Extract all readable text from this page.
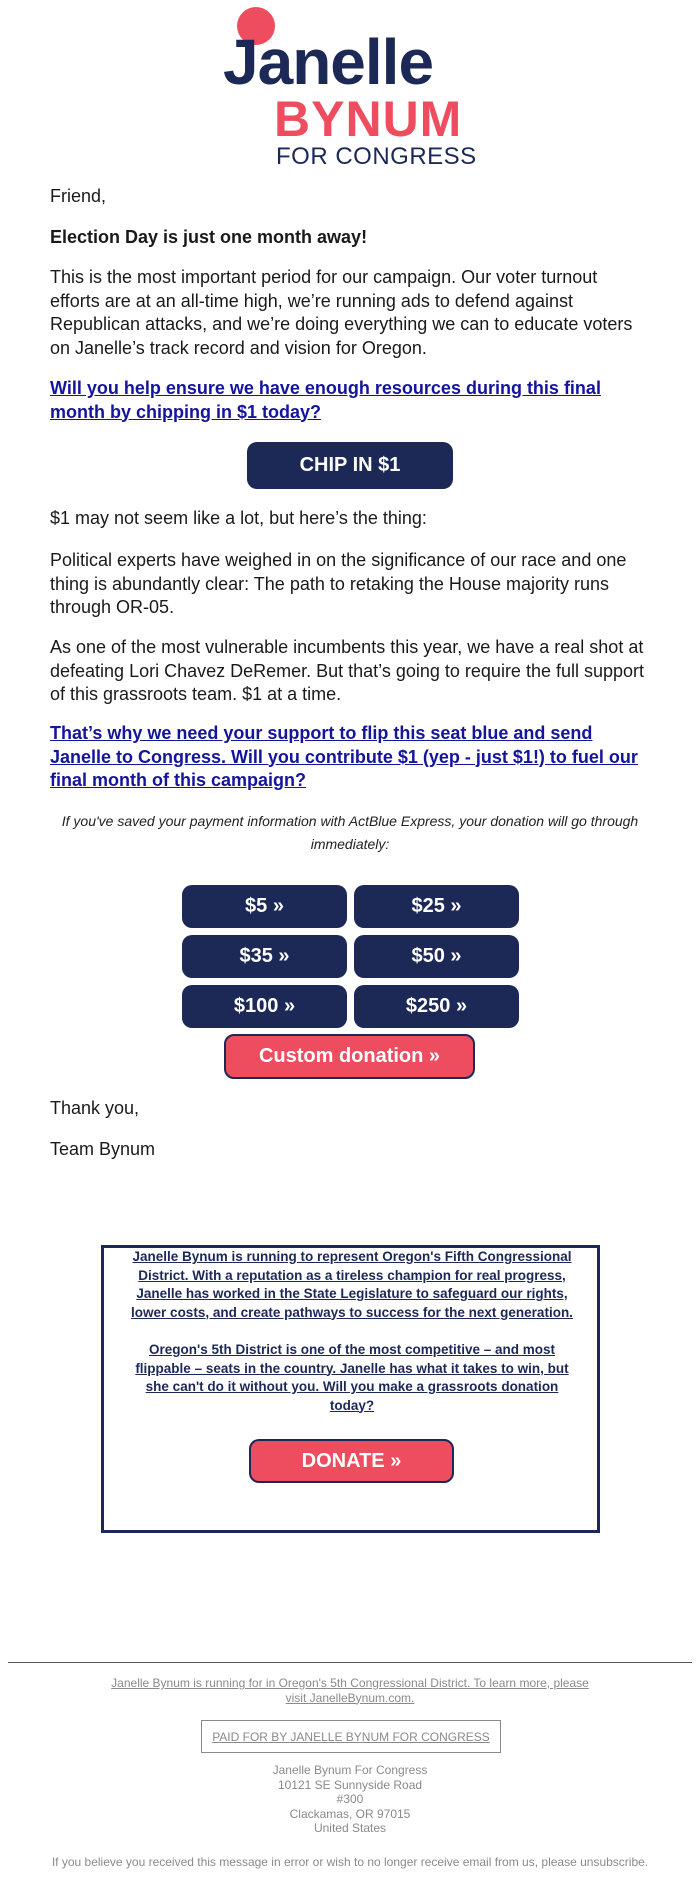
Janelle
BYNUM
FOR CONGRESS

Friend,

Election Day is just one month away!

This is the most important period for our campaign. Our voter turnout efforts are at an all-time high, we’re running ads to defend against Republican attacks, and we’re doing everything we can to educate voters on Janelle’s track record and vision for Oregon.

Will you help ensure we have enough resources during this final month by chipping in $1 today?
CHIP IN $1

$1 may not seem like a lot, but here’s the thing:

Political experts have weighed in on the significance of our race and one thing is abundantly clear: The path to retaking the House majority runs through OR-05.

As one of the most vulnerable incumbents this year, we have a real shot at defeating Lori Chavez DeRemer. But that’s going to require the full support of this grassroots team. $1 at a time.

That’s why we need your support to flip this seat blue and send Janelle to Congress. Will you contribute $1 (yep - just $1!) to fuel our final month of this campaign?

If you've saved your payment information with ActBlue Express, your donation will go through immediately:

$5 »	$25 »
$35 »	$50 »
$100 »	$250 »
Custom donation »

Thank you,

Team Bynum

Janelle Bynum is running to represent Oregon's Fifth Congressional District. With a reputation as a tireless champion for real progress, Janelle has worked in the State Legislature to safeguard our rights, lower costs, and create pathways to success for the next generation.

Oregon's 5th District is one of the most competitive – and most flippable – seats in the country. Janelle has what it takes to win, but she can't do it without you. Will you make a grassroots donation today?

DONATE »

Janelle Bynum is running for in Oregon's 5th Congressional District. To learn more, please visit JanelleBynum.com.

PAID FOR BY JANELLE BYNUM FOR CONGRESS

Janelle Bynum For Congress

10121 SE Sunnyside Road

#300

Clackamas, OR 97015

United States

If you believe you received this message in error or wish to no longer receive email from us, please unsubscribe.
